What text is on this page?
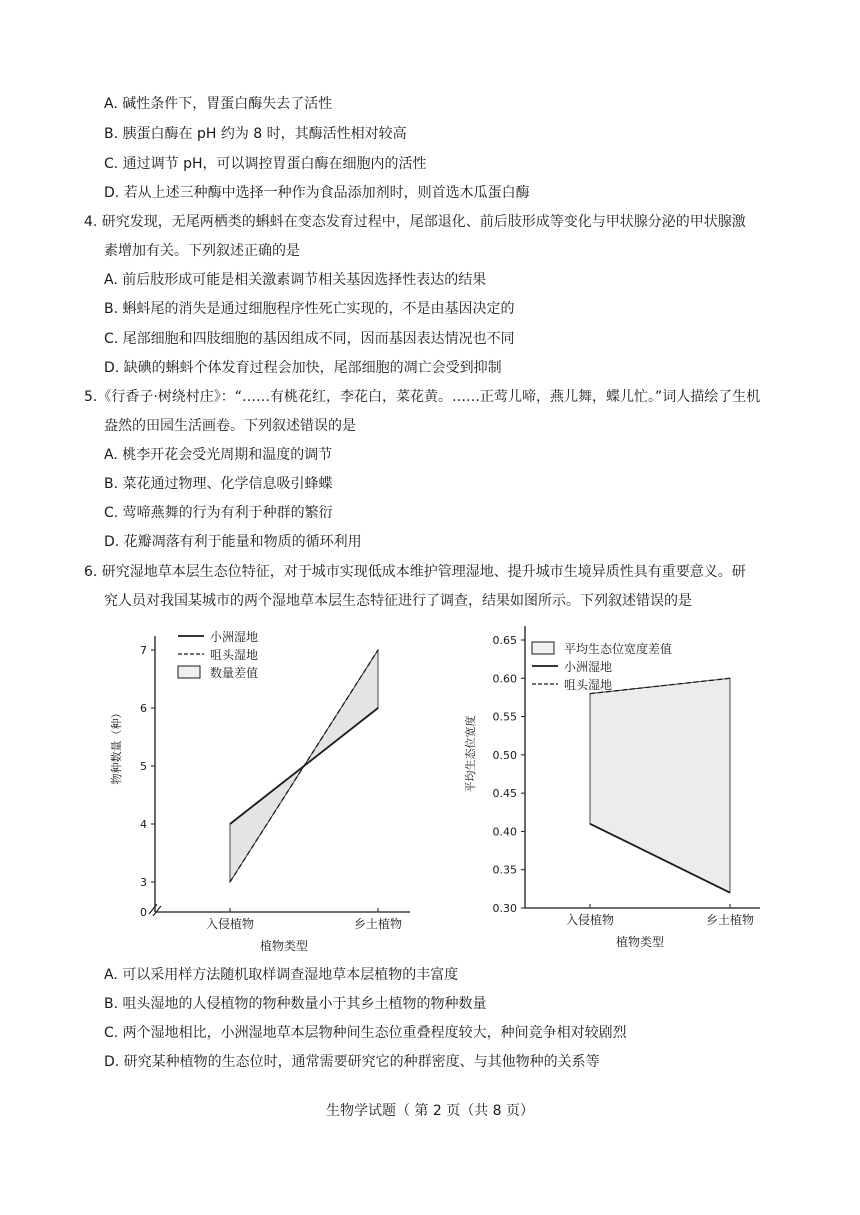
A. 碱性条件下，胃蛋白酶失去了活性
B. 胰蛋白酶在 pH 约为 8 时，其酶活性相对较高
C. 通过调节 pH，可以调控胃蛋白酶在细胞内的活性
D. 若从上述三种酶中选择一种作为食品添加剂时，则首选木瓜蛋白酶
4. 研究发现，无尾两栖类的蝌蚪在变态发育过程中，尾部退化、前后肢形成等变化与甲状腺分泌的甲状腺激
素增加有关。下列叙述正确的是
A. 前后肢形成可能是相关激素调节相关基因选择性表达的结果
B. 蝌蚪尾的消失是通过细胞程序性死亡实现的，不是由基因决定的
C. 尾部细胞和四肢细胞的基因组成不同，因而基因表达情况也不同
D. 缺碘的蝌蚪个体发育过程会加快，尾部细胞的凋亡会受到抑制
5.《行香子·树绕村庄》：“……有桃花红，李花白，菜花黄。……正莺儿啼，燕儿舞，蝶儿忙。”词人描绘了生机
盎然的田园生活画卷。下列叙述错误的是
A. 桃李开花会受光周期和温度的调节
B. 菜花通过物理、化学信息吸引蜂蝶
C. 莺啼燕舞的行为有利于种群的繁衍
D. 花瓣凋落有利于能量和物质的循环利用
6. 研究湿地草本层生态位特征，对于城市实现低成本维护管理湿地、提升城市生境异质性具有重要意义。研
究人员对我国某城市的两个湿地草本层生态特征进行了调查，结果如图所示。下列叙述错误的是
0
3
4
5
6
7
入侵植物	乡土植物
植物类型
物种数量（种）
小洲湿地
咀头湿地
数量差值
0.30
0.35
0.40
0.45
0.50
0.55
0.60
0.65
入侵植物	乡土植物
植物类型
平均生态位宽度
平均生态位宽度差值
小洲湿地
咀头湿地
A. 可以采用样方法随机取样调查湿地草本层植物的丰富度
B. 咀头湿地的人侵植物的物种数量小于其乡土植物的物种数量
C. 两个湿地相比，小洲湿地草本层物种间生态位重叠程度较大，种间竞争相对较剧烈
D. 研究某种植物的生态位时，通常需要研究它的种群密度、与其他物种的关系等
生物学试题（ 第 2 页（共 8 页）
